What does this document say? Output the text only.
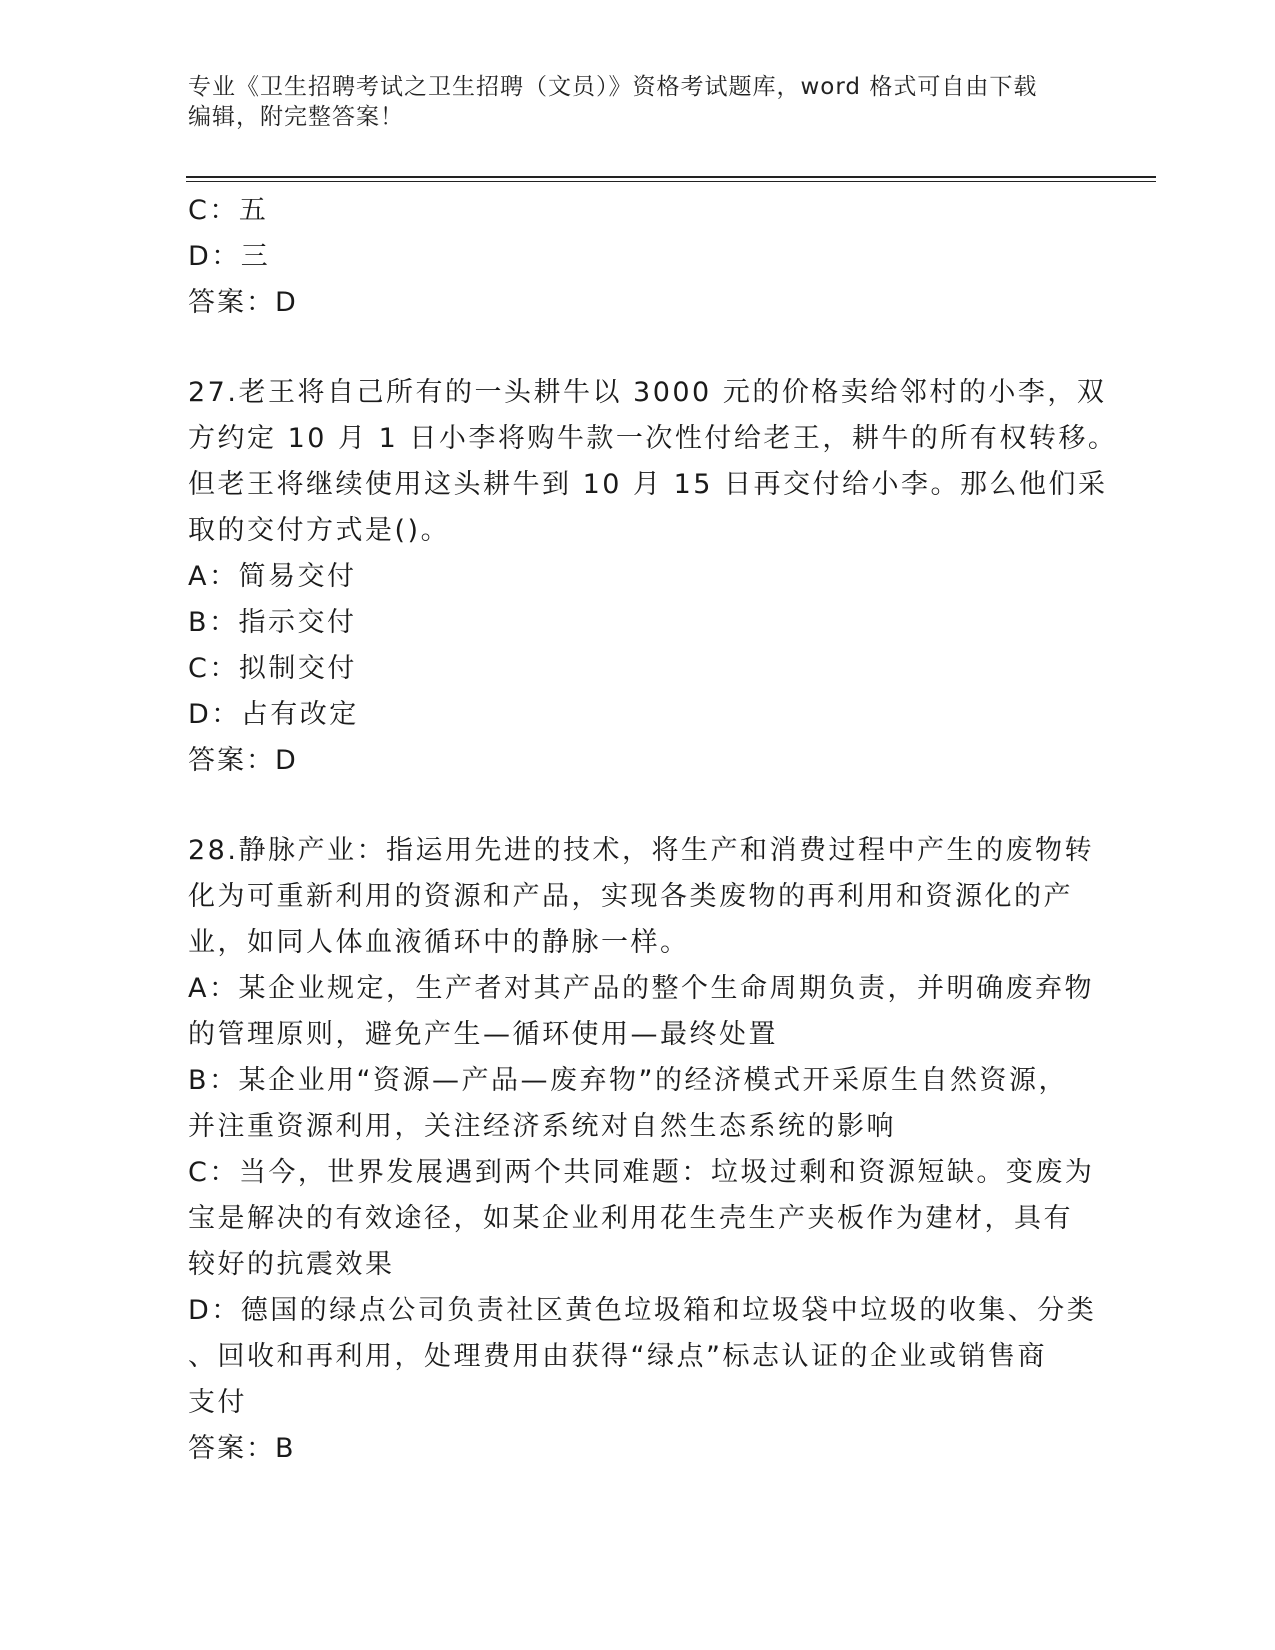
专业《卫生招聘考试之卫生招聘（文员）》资格考试题库，word 格式可自由下载
编辑，附完整答案！
C：五
D：三
答案：D
27.老王将自己所有的一头耕牛以 3000 元的价格卖给邻村的小李，双
方约定 10 月 1 日小李将购牛款一次性付给老王，耕牛的所有权转移。
但老王将继续使用这头耕牛到 10 月 15 日再交付给小李。那么他们采
取的交付方式是()。
A：简易交付
B：指示交付
C：拟制交付
D：占有改定
答案：D
28.静脉产业：指运用先进的技术，将生产和消费过程中产生的废物转
化为可重新利用的资源和产品，实现各类废物的再利用和资源化的产
业，如同人体血液循环中的静脉一样。
A：某企业规定，生产者对其产品的整个生命周期负责，并明确废弃物
的管理原则，避免产生—循环使用—最终处置
B：某企业用“资源—产品—废弃物”的经济模式开采原生自然资源，
并注重资源利用，关注经济系统对自然生态系统的影响
C：当今，世界发展遇到两个共同难题：垃圾过剩和资源短缺。变废为
宝是解决的有效途径，如某企业利用花生壳生产夹板作为建材，具有
较好的抗震效果
D：德国的绿点公司负责社区黄色垃圾箱和垃圾袋中垃圾的收集、分类
、回收和再利用，处理费用由获得“绿点”标志认证的企业或销售商
支付
答案：B
